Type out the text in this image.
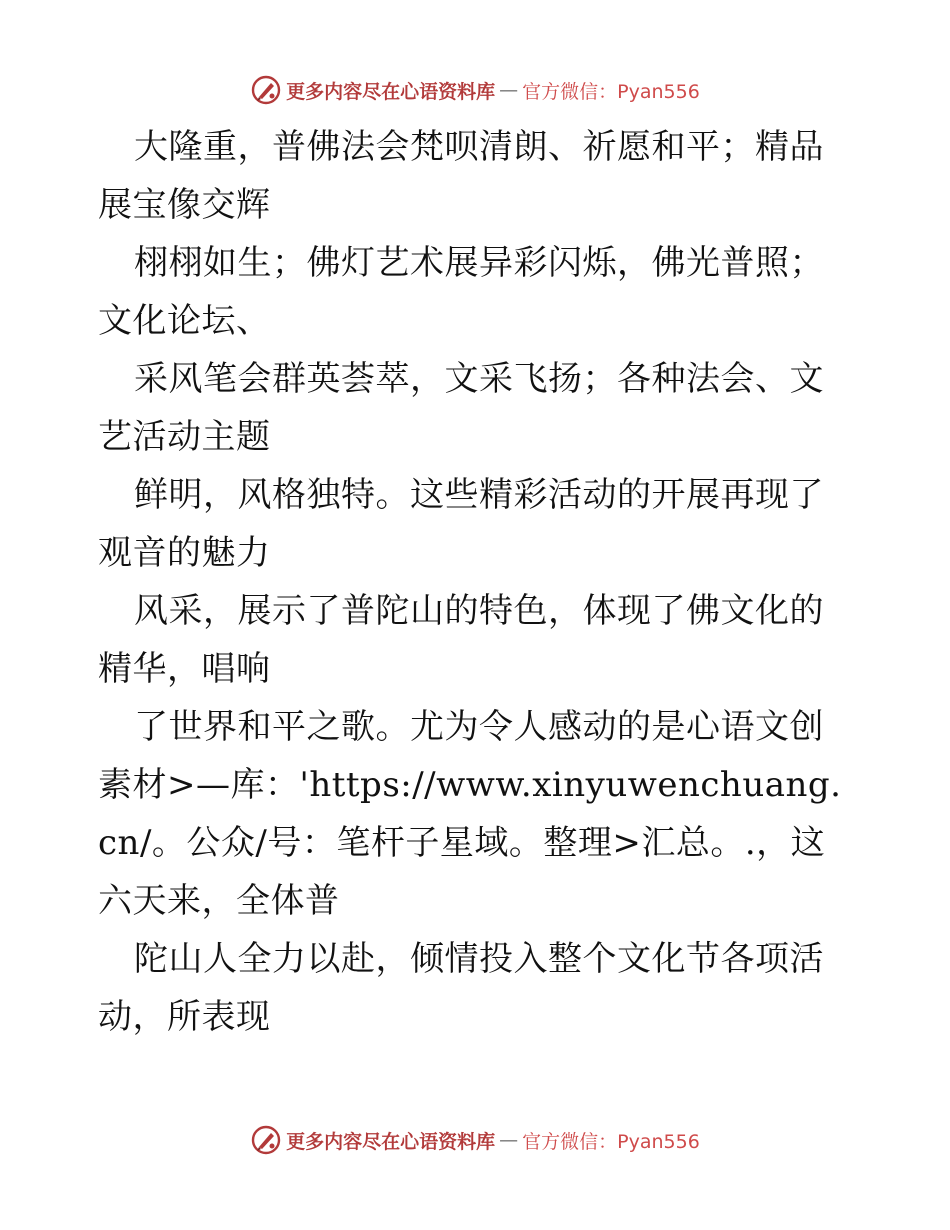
更多内容尽在心语资料库 — 官方微信：Pyan556

大隆重，普佛法会梵呗清朗、祈愿和平；精品展宝像交辉

栩栩如生；佛灯艺术展异彩闪烁，佛光普照；文化论坛、

采风笔会群英荟萃，文采飞扬；各种法会、文艺活动主题

鲜明，风格独特。这些精彩活动的开展再现了观音的魅力

风采，展示了普陀山的特色，体现了佛文化的精华，唱响

了世界和平之歌。尤为令人感动的是心语文创素材>—库：'https://www.xinyuwenchuang.cn/。公众/号：笔杆子星域。整理>汇总。.，这六天来，全体普

陀山人全力以赴，倾情投入整个文化节各项活动，所表现

更多内容尽在心语资料库 — 官方微信：Pyan556
